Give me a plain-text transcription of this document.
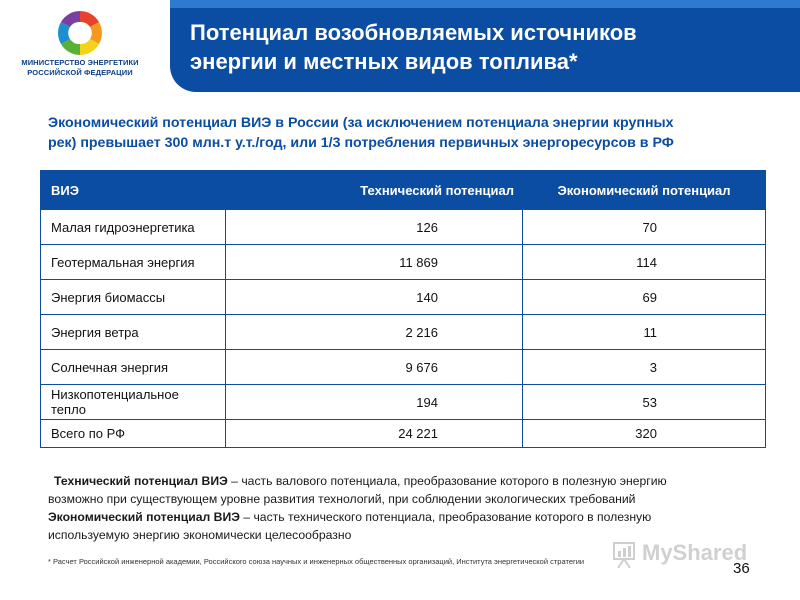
МИНИСТЕРСТВО ЭНЕРГЕТИКИ
РОССИЙСКОЙ ФЕДЕРАЦИИ
Потенциал возобновляемых источников
энергии и местных видов топлива*
Экономический потенциал ВИЭ в России (за исключением потенциала энергии крупных
рек) превышает 300 млн.т у.т./год, или 1/3 потребления первичных энергоресурсов в РФ
ВИЭ	Технический потенциал	Экономический потенциал
Малая гидроэнергетика	126	70
Геотермальная энергия	11 869	114
Энергия биомассы	140	69
Энергия ветра	2 216	11
Солнечная энергия	9 676	3
Низкопотенциальное тепло	194	53
Всего по РФ	24 221	320
Технический потенциал ВИЭ – часть валового потенциала, преобразование которого в полезную энергию
возможно при существующем уровне развития технологий, при соблюдении экологических требований
Экономический потенциал ВИЭ – часть технического потенциала, преобразование которого в полезную
используемую энергию экономически целесообразно
* Расчет Российской инженерной академии, Российского союза научных и инженерных общественных организаций, Института энергетической стратегии	MyShared
36
